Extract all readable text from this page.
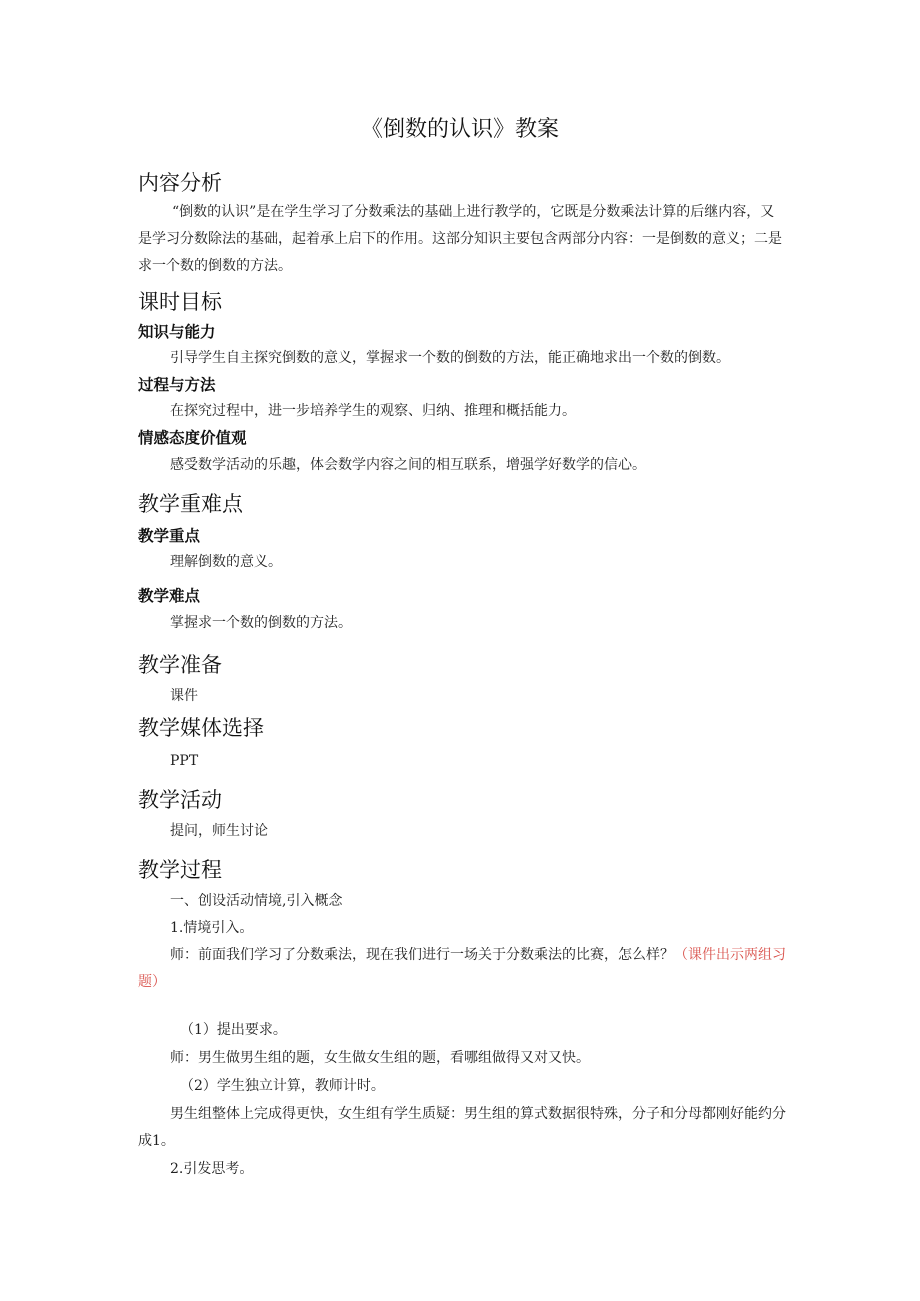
《倒数的认识》教案
内容分析
“倒数的认识”是在学生学习了分数乘法的基础上进行教学的，它既是分数乘法计算的后继内容，又是学习分数除法的基础，起着承上启下的作用。这部分知识主要包含两部分内容：一是倒数的意义；二是求一个数的倒数的方法。
课时目标
知识与能力
引导学生自主探究倒数的意义，掌握求一个数的倒数的方法，能正确地求出一个数的倒数。
过程与方法
在探究过程中，进一步培养学生的观察、归纳、推理和概括能力。
情感态度价值观
感受数学活动的乐趣，体会数学内容之间的相互联系，增强学好数学的信心。
教学重难点
教学重点
理解倒数的意义。
教学难点
掌握求一个数的倒数的方法。
教学准备
课件
教学媒体选择
PPT
教学活动
提问，师生讨论
教学过程
一、创设活动情境,引入概念
1.情境引入。
师：前面我们学习了分数乘法，现在我们进行一场关于分数乘法的比赛，怎么样？（课件出示两组习题）
（1）提出要求。
师：男生做男生组的题，女生做女生组的题，看哪组做得又对又快。
（2）学生独立计算，教师计时。
男生组整体上完成得更快，女生组有学生质疑：男生组的算式数据很特殊，分子和分母都刚好能约分成1。
2.引发思考。
